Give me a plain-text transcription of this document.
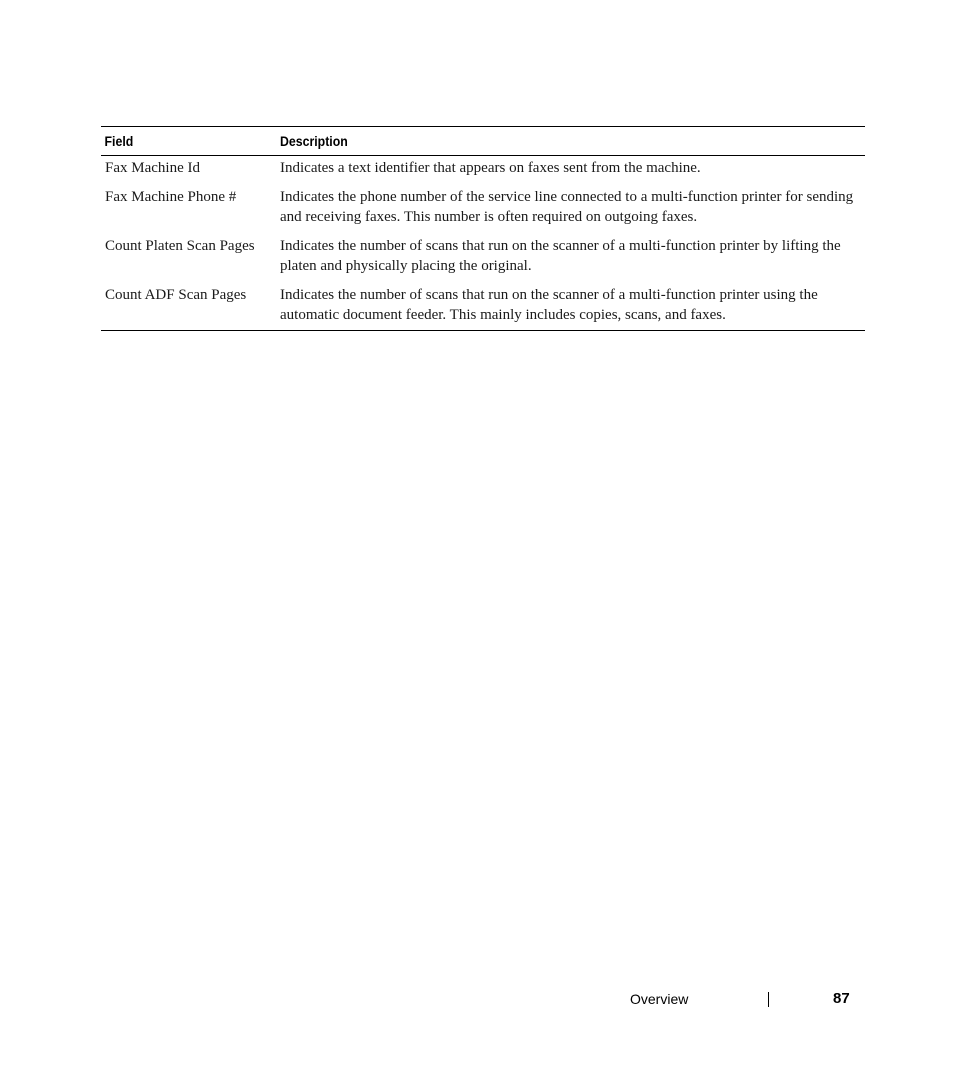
Field	Description
Fax Machine Id	Indicates a text identifier that appears on faxes sent from the machine.
Fax Machine Phone #	Indicates the phone number of the service line connected to a multi-function printer for sending and receiving faxes. This number is often required on outgoing faxes.
Count Platen Scan Pages	Indicates the number of scans that run on the scanner of a multi-function printer by lifting the platen and physically placing the original.
Count ADF Scan Pages	Indicates the number of scans that run on the scanner of a multi-function printer using the automatic document feeder. This mainly includes copies, scans, and faxes.
Overview	87
